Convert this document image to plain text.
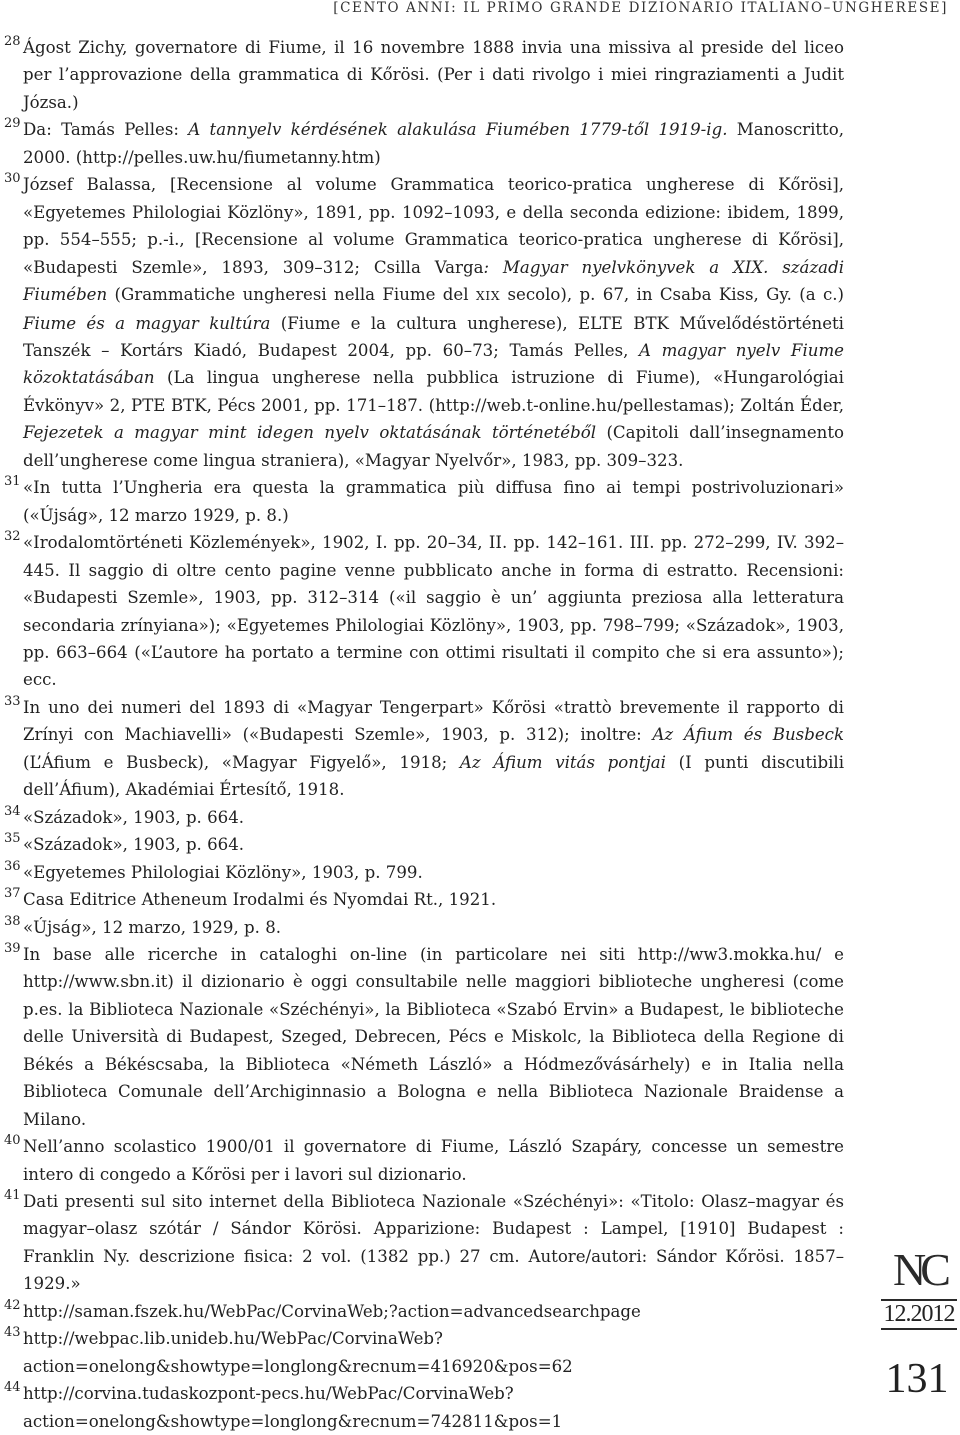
[CENTO ANNI: IL PRIMO GRANDE DIZIONARIO ITALIANO–UNGHERESE]
28 Ágost Zichy, governatore di Fiume, il 16 novembre 1888 invia una missiva al preside del liceo per l’approvazione della grammatica di Kőrösi. (Per i dati rivolgo i miei ringraziamenti a Judit Józsa.)
29 Da: Tamás Pelles: A tannyelv kérdésének alakulása Fiumében 1779-től 1919-ig. Manoscritto, 2000. (http://pelles.uw.hu/fiumetanny.htm)
30 József Balassa, [Recensione al volume Grammatica teorico-pratica ungherese di Kőrösi], «Egyetemes Philologiai Közlöny», 1891, pp. 1092–1093, e della seconda edizione: ibidem, 1899, pp. 554–555; p.-i., [Recensione al volume Grammatica teorico-pratica ungherese di Kőrösi], «Budapesti Szemle», 1893, 309–312; Csilla Varga: Magyar nyelvkönyvek a XIX. századi Fiumében (Grammatiche ungheresi nella Fiume del XIX secolo), p. 67, in Csaba Kiss, Gy. (a c.) Fiume és a magyar kultúra (Fiume e la cultura ungherese), ELTE BTK Művelődéstörténeti Tanszék – Kortárs Kiadó, Budapest 2004, pp. 60–73; Tamás Pelles, A magyar nyelv Fiume közoktatásában (La lingua ungherese nella pubblica istruzione di Fiume), «Hungarológiai Évkönyv» 2, PTE BTK, Pécs 2001, pp. 171–187. (http://web.t-online.hu/pellestamas); Zoltán Éder, Fejezetek a magyar mint idegen nyelv oktatásának történetéből (Capitoli dall’insegnamento dell’ungherese come lingua straniera), «Magyar Nyelvőr», 1983, pp. 309–323.
31 «In tutta l’Ungheria era questa la grammatica più diffusa fino ai tempi postrivoluzionari» («Újság», 12 marzo 1929, p. 8.)
32 «Irodalomtörténeti Közlemények», 1902, I. pp. 20–34, II. pp. 142–161. III. pp. 272–299, IV. 392–445. Il saggio di oltre cento pagine venne pubblicato anche in forma di estratto. Recensioni: «Budapesti Szemle», 1903, pp. 312–314 («il saggio è un’ aggiunta preziosa alla letteratura secondaria zrínyiana»); «Egyetemes Philologiai Közlöny», 1903, pp. 798–799; «Századok», 1903, pp. 663–664 («L’autore ha portato a termine con ottimi risultati il compito che si era assunto»); ecc.
33 In uno dei numeri del 1893 di «Magyar Tengerpart» Kőrösi «trattò brevemente il rapporto di Zrínyi con Machiavelli» («Budapesti Szemle», 1903, p. 312); inoltre: Az Áfium és Busbeck (L’Áfium e Busbeck), «Magyar Figyelő», 1918; Az Áfium vitás pontjai (I punti discutibili dell’Áfium), Akadémiai Értesítő, 1918.
34 «Századok», 1903, p. 664.
35 «Századok», 1903, p. 664.
36 «Egyetemes Philologiai Közlöny», 1903, p. 799.
37 Casa Editrice Atheneum Irodalmi és Nyomdai Rt., 1921.
38 «Újság», 12 marzo, 1929, p. 8.
39 In base alle ricerche in cataloghi on-line (in particolare nei siti http://ww3.mokka.hu/ e http://www.sbn.it) il dizionario è oggi consultabile nelle maggiori biblioteche ungheresi (come p.es. la Biblioteca Nazionale «Széchényi», la Biblioteca «Szabó Ervin» a Budapest, le biblioteche delle Università di Budapest, Szeged, Debrecen, Pécs e Miskolc, la Biblioteca della Regione di Békés a Békéscsaba, la Biblioteca «Németh László» a Hódmezővásárhely) e in Italia nella Biblioteca Comunale dell’Archiginnasio a Bologna e nella Biblioteca Nazionale Braidense a Milano.
40 Nell’anno scolastico 1900/01 il governatore di Fiume, László Szapáry, concesse un semestre intero di congedo a Kőrösi per i lavori sul dizionario.
41 Dati presenti sul sito internet della Biblioteca Nazionale «Széchényi»: «Titolo: Olasz–magyar és magyar–olasz szótár / Sándor Körösi. Apparizione: Budapest : Lampel, [1910] Budapest : Franklin Ny. descrizione fisica: 2 vol. (1382 pp.) 27 cm. Autore/autori: Sándor Kőrösi. 1857–1929.»
42 http://saman.fszek.hu/WebPac/CorvinaWeb;?action=advancedsearchpage
43 http://webpac.lib.unideb.hu/WebPac/CorvinaWeb?action=onelong&showtype=longlong&recnum=416920&pos=62
44 http://corvina.tudaskozpont-pecs.hu/WebPac/CorvinaWeb?action=onelong&showtype=longlong&recnum=742811&pos=1
NC
12.2012
131
